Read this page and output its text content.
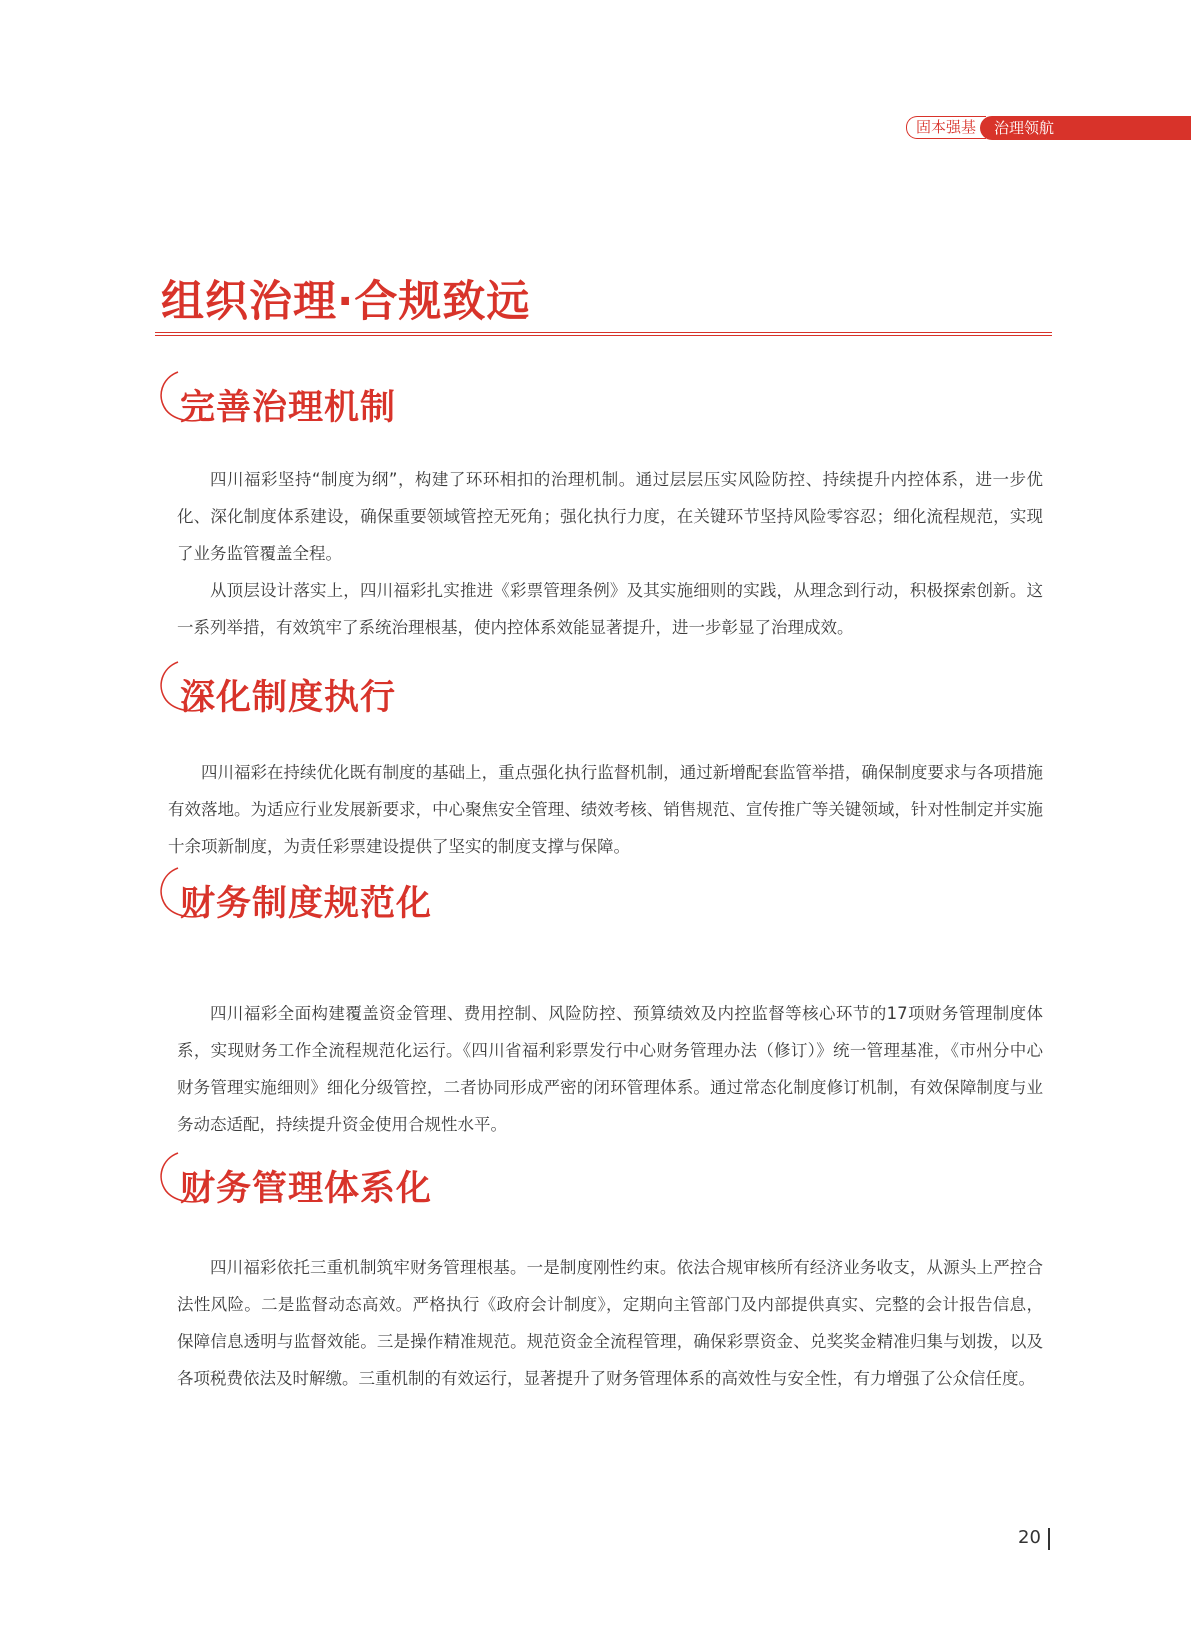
固本强基	治理领航
组织治理·合规致远
完善治理机制

四川福彩坚持“制度为纲”，构建了环环相扣的治理机制。通过层层压实风险防控、持续提升内控体系，进一步优化、深化制度体系建设，确保重要领域管控无死角；强化执行力度，在关键环节坚持风险零容忍；细化流程规范，实现了业务监管覆盖全程。

从顶层设计落实上，四川福彩扎实推进《彩票管理条例》及其实施细则的实践，从理念到行动，积极探索创新。这一系列举措，有效筑牢了系统治理根基，使内控体系效能显著提升，进一步彰显了治理成效。

深化制度执行

四川福彩在持续优化既有制度的基础上，重点强化执行监督机制，通过新增配套监管举措，确保制度要求与各项措施有效落地。为适应行业发展新要求，中心聚焦安全管理、绩效考核、销售规范、宣传推广等关键领域，针对性制定并实施十余项新制度，为责任彩票建设提供了坚实的制度支撑与保障。

财务制度规范化

四川福彩全面构建覆盖资金管理、费用控制、风险防控、预算绩效及内控监督等核心环节的17项财务管理制度体系，实现财务工作全流程规范化运行。《四川省福利彩票发行中心财务管理办法（修订）》统一管理基准，《市州分中心财务管理实施细则》细化分级管控，二者协同形成严密的闭环管理体系。通过常态化制度修订机制，有效保障制度与业务动态适配，持续提升资金使用合规性水平。

财务管理体系化

四川福彩依托三重机制筑牢财务管理根基。一是制度刚性约束。依法合规审核所有经济业务收支，从源头上严控合法性风险。二是监督动态高效。严格执行《政府会计制度》，定期向主管部门及内部提供真实、完整的会计报告信息，保障信息透明与监督效能。三是操作精准规范。规范资金全流程管理，确保彩票资金、兑奖奖金精准归集与划拨，以及各项税费依法及时解缴。三重机制的有效运行，显著提升了财务管理体系的高效性与安全性，有力增强了公众信任度。

20
